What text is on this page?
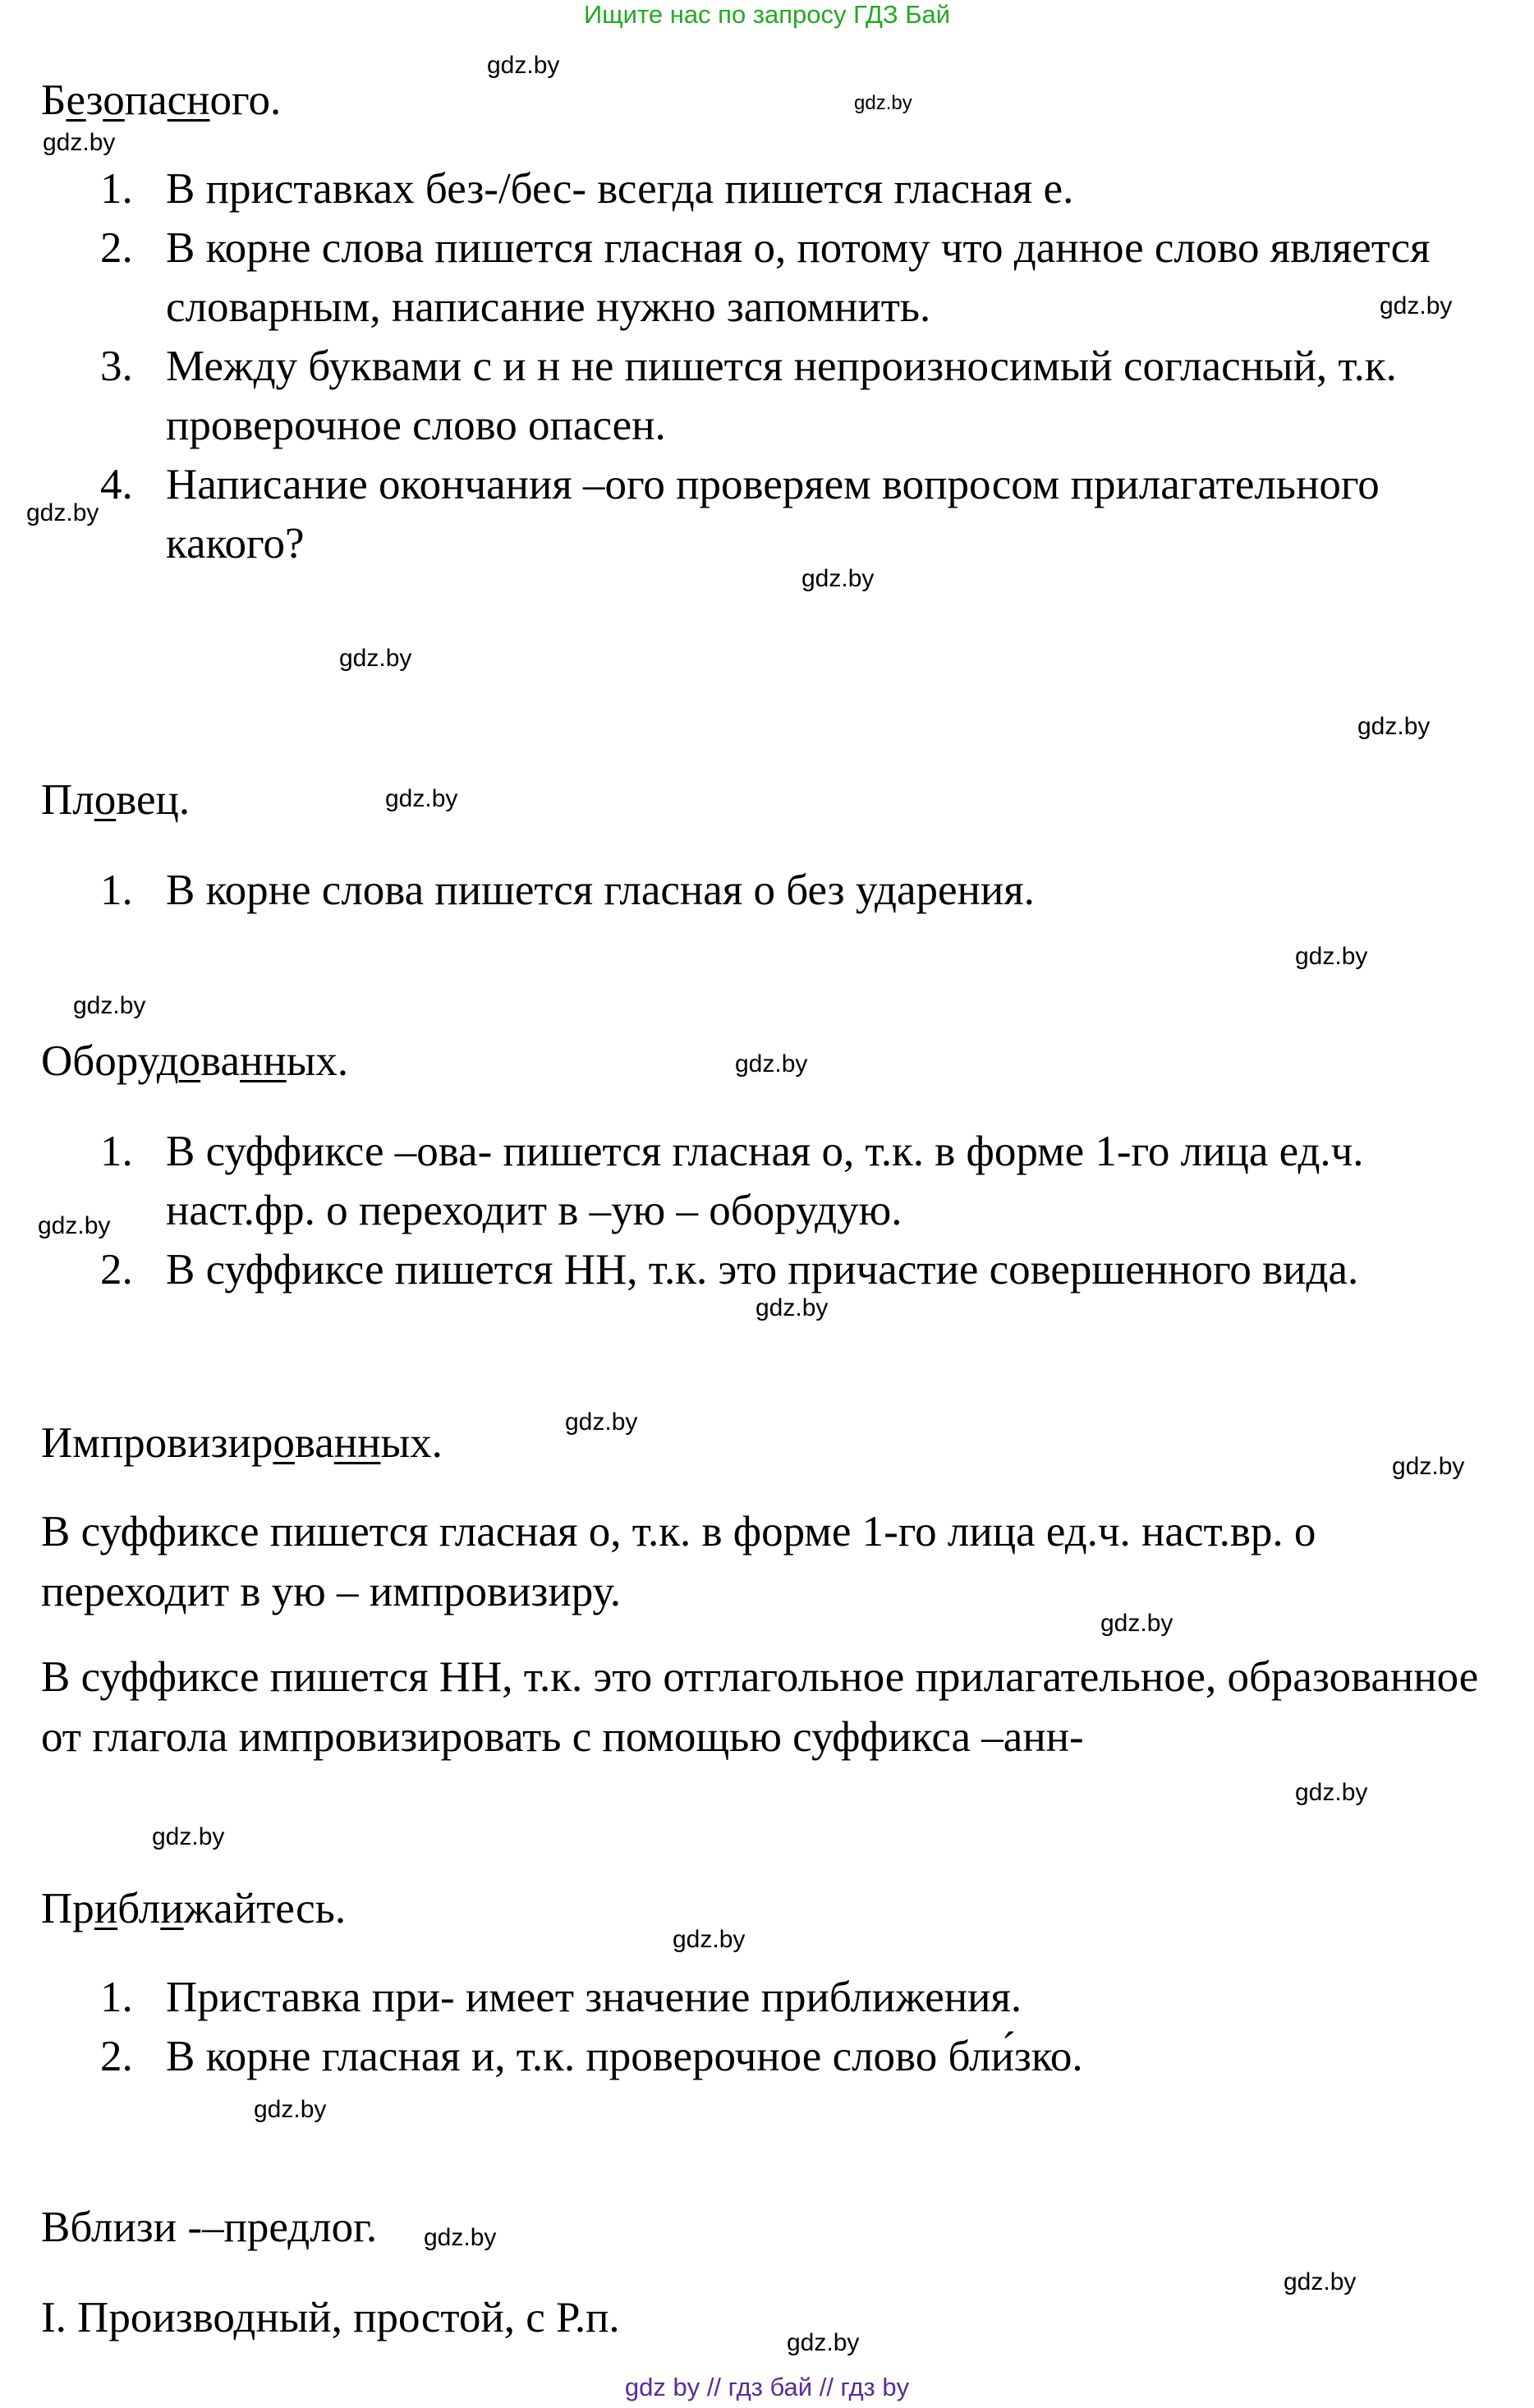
Ищите нас по запросу ГДЗ Бай
gdz.by
gdz.by
gdz.by
gdz.by
gdz.by
gdz.by
gdz.by
gdz.by
gdz.by
gdz.by
gdz.by
gdz.by
gdz.by
gdz.by
gdz.by
gdz.by
gdz.by
gdz.by
gdz.by
gdz.by
gdz.by
gdz.by
gdz.by
gdz.by
Безопасного.
1. В приставках без-/бес- всегда пишется гласная е.
2. В корне слова пишется гласная о, потому что данное слово является словарным, написание нужно запомнить.
3. Между буквами с и н не пишется непроизносимый согласный, т.к. проверочное слово опасен.
4. Написание окончания –ого проверяем вопросом прилагательного какого?
Пловец.
1. В корне слова пишется гласная о без ударения.
Оборудованных.
1. В суффиксе –ова- пишется гласная о, т.к. в форме 1-го лица ед.ч. наст.фр. о переходит в –ую – оборудую.
2. В суффиксе пишется НН, т.к. это причастие совершенного вида.
Импровизированных.
В суффиксе пишется гласная о, т.к. в форме 1-го лица ед.ч. наст.вр. о переходит в ую – импровизиру.
В суффиксе пишется НН, т.к. это отглагольное прилагательное, образованное от глагола импровизировать с помощью суффикса –анн-
Приближайтесь.
1. Приставка при- имеет значение приближения.
2. В корне гласная и, т.к. проверочное слово бли́зко.
Вблизи -–предлог.
I. Производный, простой, с Р.п.
gdz by // гдз бай // гдз by
